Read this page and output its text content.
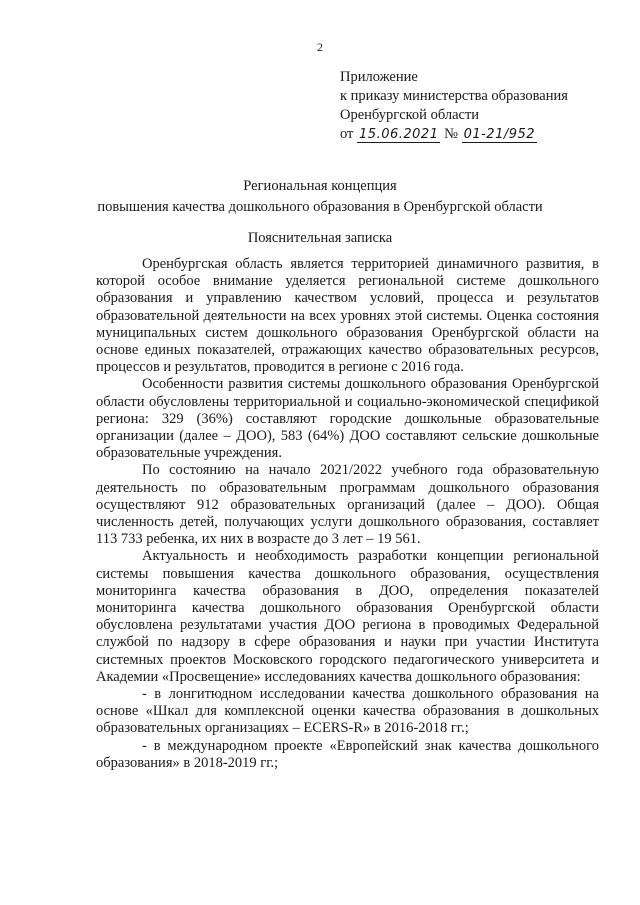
2
Приложение
к приказу министерства образования
Оренбургской области
от 15.06.2021 № 01-21/952
Региональная концепция
повышения качества дошкольного образования в Оренбургской области
Пояснительная записка

Оренбургская область является территорией динамичного развития, в которой особое внимание уделяется региональной системе дошкольного образования и управлению качеством условий, процесса и результатов образовательной деятельности на всех уровнях этой системы. Оценка состояния муниципальных систем дошкольного образования Оренбургской области на основе единых показателей, отражающих качество образовательных ресурсов, процессов и результатов, проводится в регионе с 2016 года.

Особенности развития системы дошкольного образования Оренбургской области обусловлены территориальной и социально-экономической спецификой региона: 329 (36%) составляют городские дошкольные образовательные организации (далее – ДОО), 583 (64%) ДОО составляют сельские дошкольные образовательные учреждения.

По состоянию на начало 2021/2022 учебного года образовательную деятельность по образовательным программам дошкольного образования осуществляют 912 образовательных организаций (далее – ДОО). Общая численность детей, получающих услуги дошкольного образования, составляет 113 733 ребенка, их них в возрасте до 3 лет – 19 561.

Актуальность и необходимость разработки концепции региональной системы повышения качества дошкольного образования, осуществления мониторинга качества образования в ДОО, определения показателей мониторинга качества дошкольного образования Оренбургской области обусловлена результатами участия ДОО региона в проводимых Федеральной службой по надзору в сфере образования и науки при участии Института системных проектов Московского городского педагогического университета и Академии «Просвещение» исследованиях качества дошкольного образования:

- в лонгитюдном исследовании качества дошкольного образования на основе «Шкал для комплексной оценки качества образования в дошкольных образовательных организациях – ECERS-R» в 2016-2018 гг.;

- в международном проекте «Европейский знак качества дошкольного образования» в 2018-2019 гг.;
